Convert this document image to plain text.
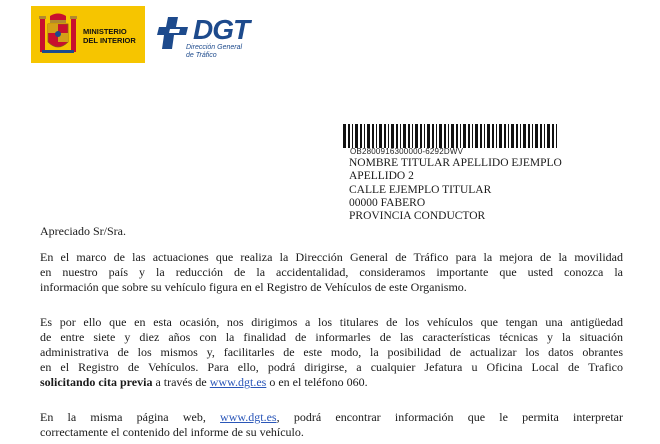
MINISTERIO
DEL INTERIOR	DGT
Dirección General
de Tráfico
OB2800916300000-6292DWV
NOMBRE TITULAR APELLIDO EJEMPLO
APELLIDO 2
CALLE EJEMPLO TITULAR
00000 FABERO
PROVINCIA CONDUCTOR
Apreciado Sr/Sra.
En el marco de las actuaciones que realiza la Dirección General de Tráfico para la mejora de la movilidad
en nuestro país y la reducción de la accidentalidad, consideramos importante que usted conozca la
información que sobre su vehículo figura en el Registro de Vehículos de este Organismo.
Es por ello que en esta ocasión, nos dirigimos a los titulares de los vehículos que tengan una antigüedad
de entre siete y diez años con la finalidad de informarles de las características técnicas y la situación
administrativa de los mismos y, facilitarles de este modo, la posibilidad de actualizar los datos obrantes
en el Registro de Vehículos. Para ello, podrá dirigirse, a cualquier Jefatura u Oficina Local de Trafico
solicitando cita previa a través de www.dgt.es o en el teléfono 060.
En la misma página web, www.dgt.es, podrá encontrar información que le permita interpretar
correctamente el contenido del informe de su vehículo.
